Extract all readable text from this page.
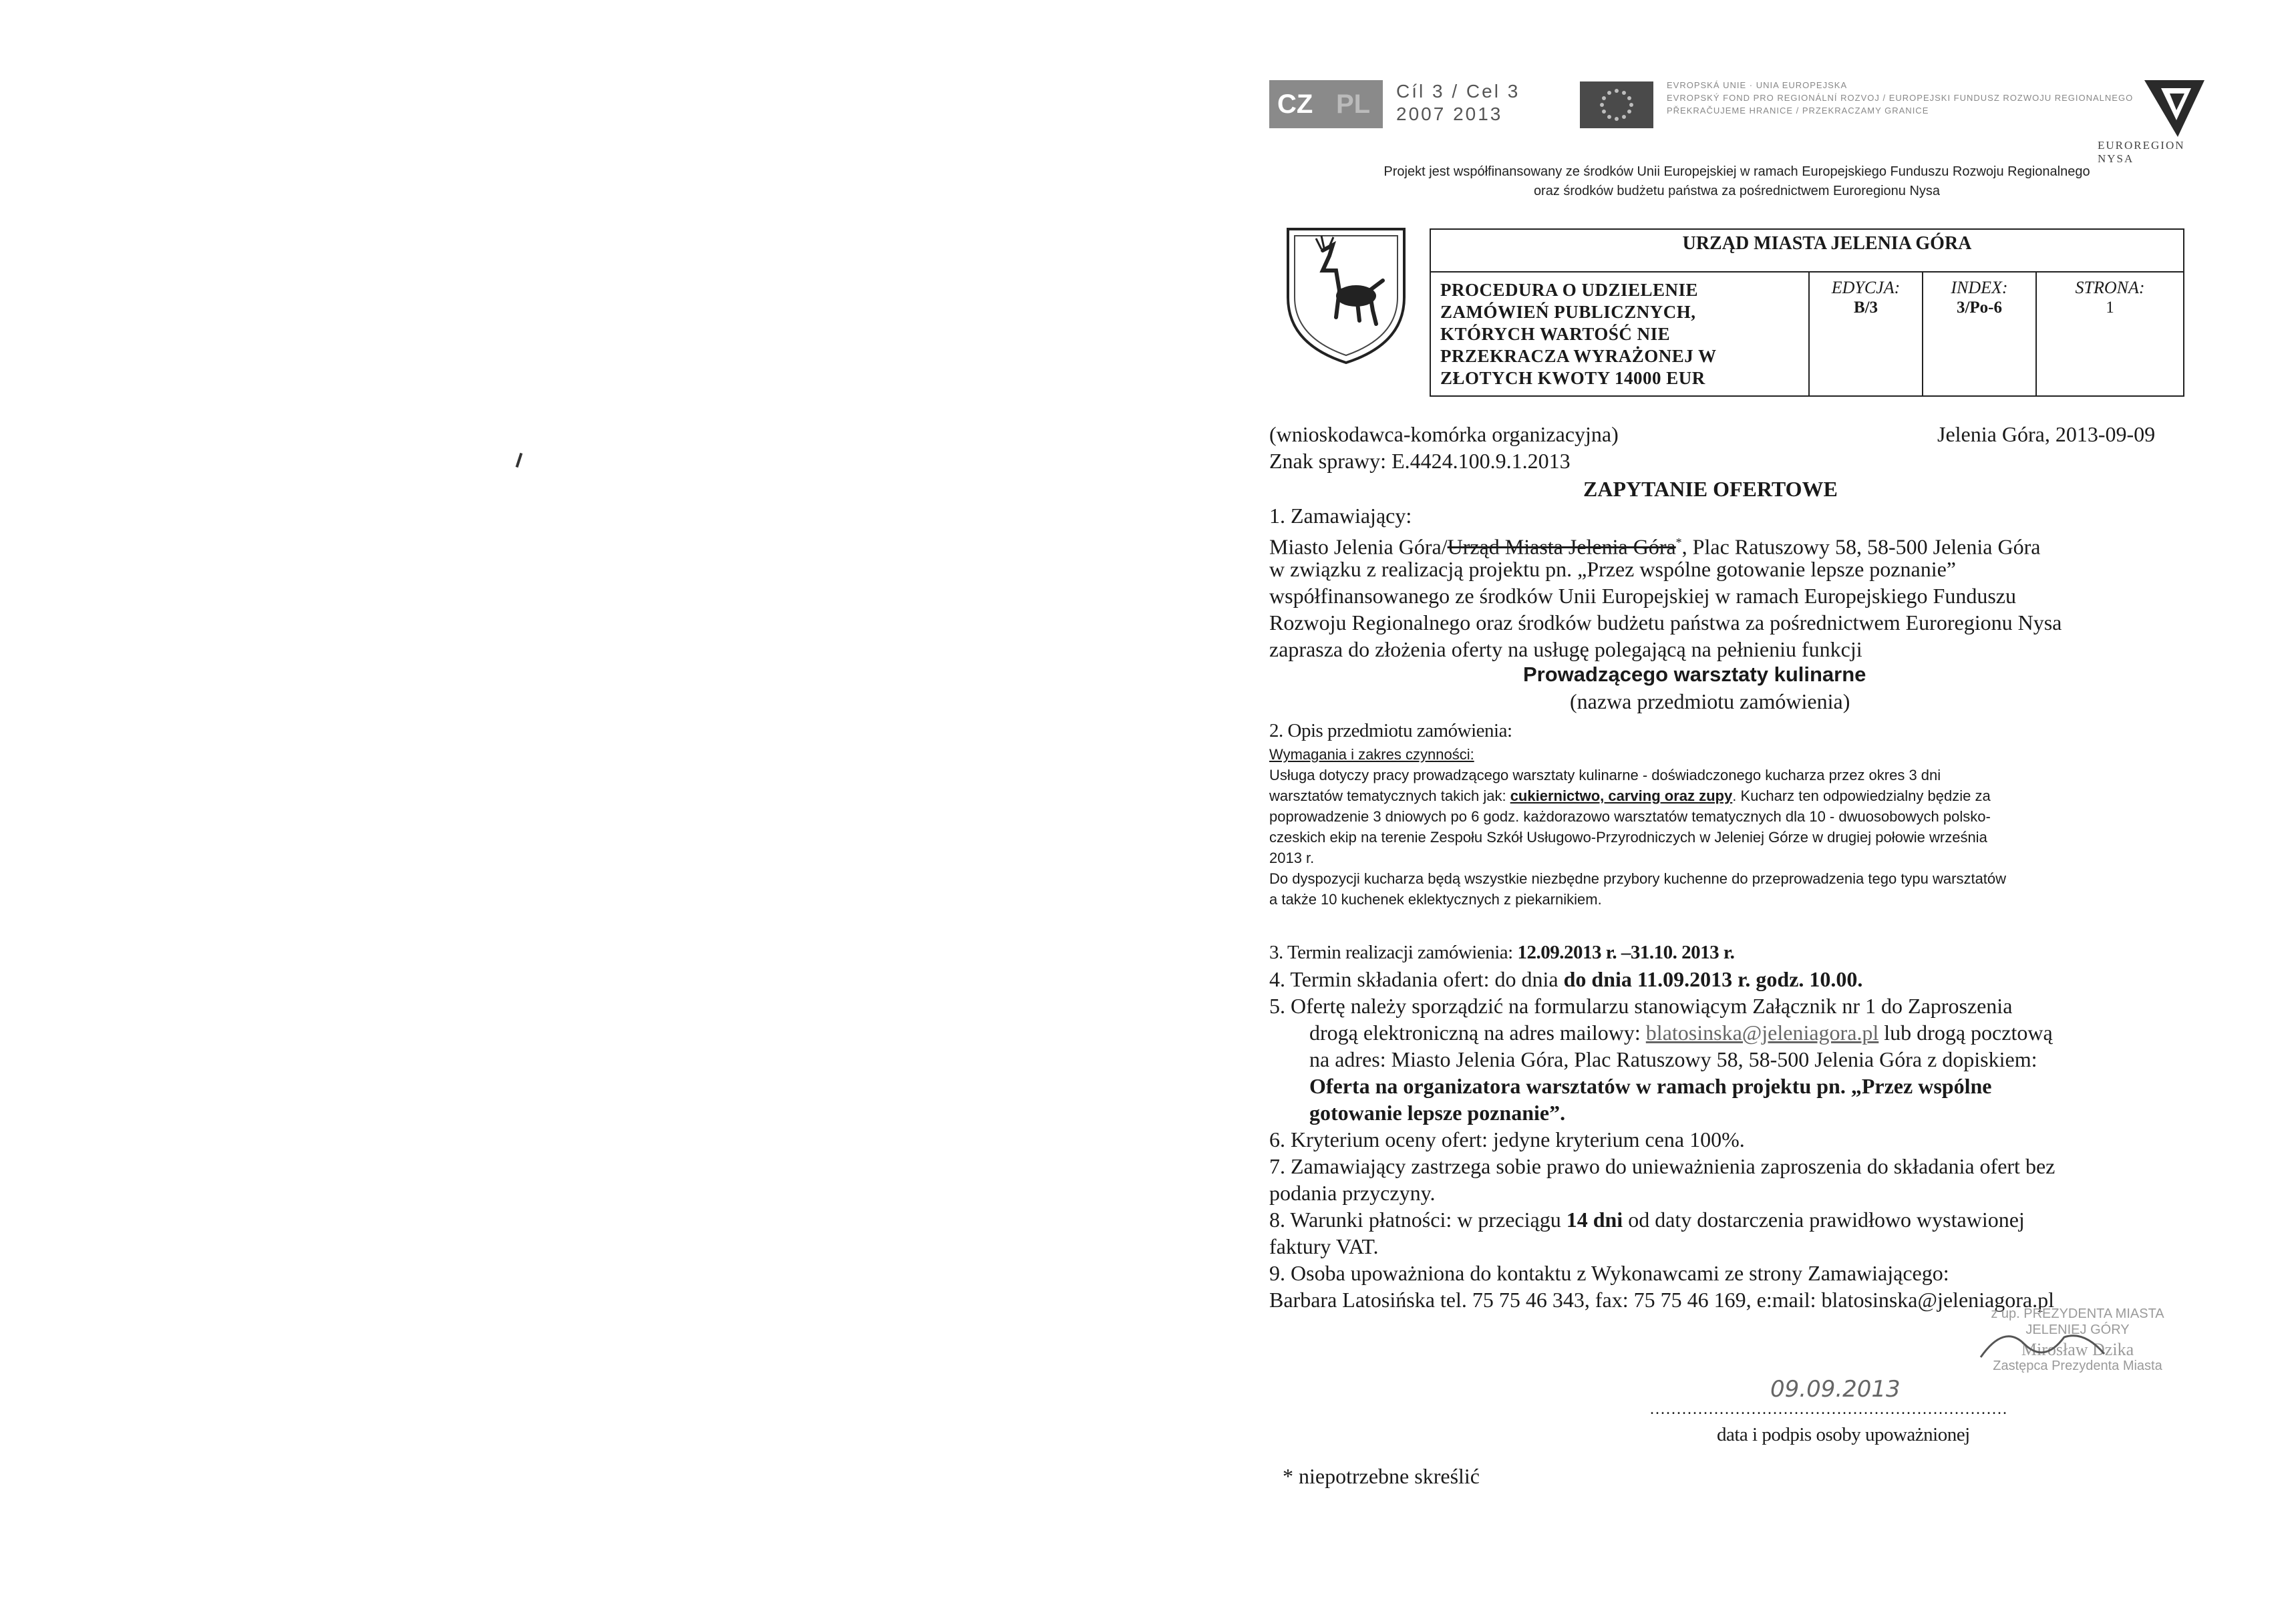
CZ PL Cíl 3 / Cel 3
2007 2013
EVROPSKÁ UNIE · UNIA EUROPEJSKA
EVROPSKÝ FOND PRO REGIONÁLNÍ ROZVOJ / EUROPEJSKI FUNDUSZ ROZWOJU REGIONALNEGO
PŘEKRAČUJEME HRANICE / PRZEKRACZAMY GRANICE
EUROREGION NYSA
Projekt jest współfinansowany ze środków Unii Europejskiej w ramach Europejskiego Funduszu Rozwoju Regionalnego
oraz środków budżetu państwa za pośrednictwem Euroregionu Nysa
URZĄD MIASTA JELENIA GÓRA
PROCEDURA O UDZIELENIE
ZAMÓWIEŃ PUBLICZNYCH,
KTÓRYCH WARTOŚĆ NIE
PRZEKRACZA WYRAŻONEJ W
ZŁOTYCH KWOTY 14000 EUR
EDYCJA:
B/3
INDEX:
3/Po-6
STRONA:
1
(wnioskodawca-komórka organizacyjna)	Jelenia Góra, 2013-09-09
Znak sprawy: E.4424.100.9.1.2013
ZAPYTANIE OFERTOWE
1. Zamawiający:
Miasto Jelenia Góra/Urząd Miasta Jelenia Góra*, Plac Ratuszowy 58, 58-500 Jelenia Góra
w związku z realizacją projektu pn. „Przez wspólne gotowanie lepsze poznanie”
współfinansowanego ze środków Unii Europejskiej w ramach Europejskiego Funduszu
Rozwoju Regionalnego oraz środków budżetu państwa za pośrednictwem Euroregionu Nysa
zaprasza do złożenia oferty na usługę polegającą na pełnieniu funkcji
Prowadzącego warsztaty kulinarne
(nazwa przedmiotu zamówienia)
2. Opis przedmiotu zamówienia:
Wymagania i zakres czynności:
Usługa dotyczy pracy prowadzącego warsztaty kulinarne - doświadczonego kucharza przez okres 3 dni
warsztatów tematycznych takich jak: cukiernictwo, carving oraz zupy. Kucharz ten odpowiedzialny będzie za
poprowadzenie 3 dniowych po 6 godz. każdorazowo warsztatów tematycznych dla 10 - dwuosobowych polsko-
czeskich ekip na terenie Zespołu Szkół Usługowo-Przyrodniczych w Jeleniej Górze w drugiej połowie września
2013 r.
Do dyspozycji kucharza będą wszystkie niezbędne przybory kuchenne do przeprowadzenia tego typu warsztatów
a także 10 kuchenek eklektycznych z piekarnikiem.
3. Termin realizacji zamówienia: 12.09.2013 r. –31.10. 2013 r.
4. Termin składania ofert: do dnia do dnia 11.09.2013 r. godz. 10.00.
5. Ofertę należy sporządzić na formularzu stanowiącym Załącznik nr 1 do Zaproszenia
drogą elektroniczną na adres mailowy: blatosinska@jeleniagora.pl lub drogą pocztową
na adres: Miasto Jelenia Góra, Plac Ratuszowy 58, 58-500 Jelenia Góra z dopiskiem:
Oferta na organizatora warsztatów w ramach projektu pn. „Przez wspólne
gotowanie lepsze poznanie”.
6. Kryterium oceny ofert: jedyne kryterium cena 100%.
7. Zamawiający zastrzega sobie prawo do unieważnienia zaproszenia do składania ofert bez
podania przyczyny.
8. Warunki płatności: w przeciągu 14 dni od daty dostarczenia prawidłowo wystawionej
faktury VAT.
9. Osoba upoważniona do kontaktu z Wykonawcami ze strony Zamawiającego:
Barbara Latosińska tel. 75 75 46 343, fax: 75 75 46 169, e:mail: blatosinska@jeleniagora.pl
z up. PREZYDENTA MIASTA
JELENIEJ GÓRY
Mirosław Dzika
Zastępca Prezydenta Miasta
09.09.2013
...................................................................
data i podpis osoby upoważnionej
* niepotrzebne skreślić
